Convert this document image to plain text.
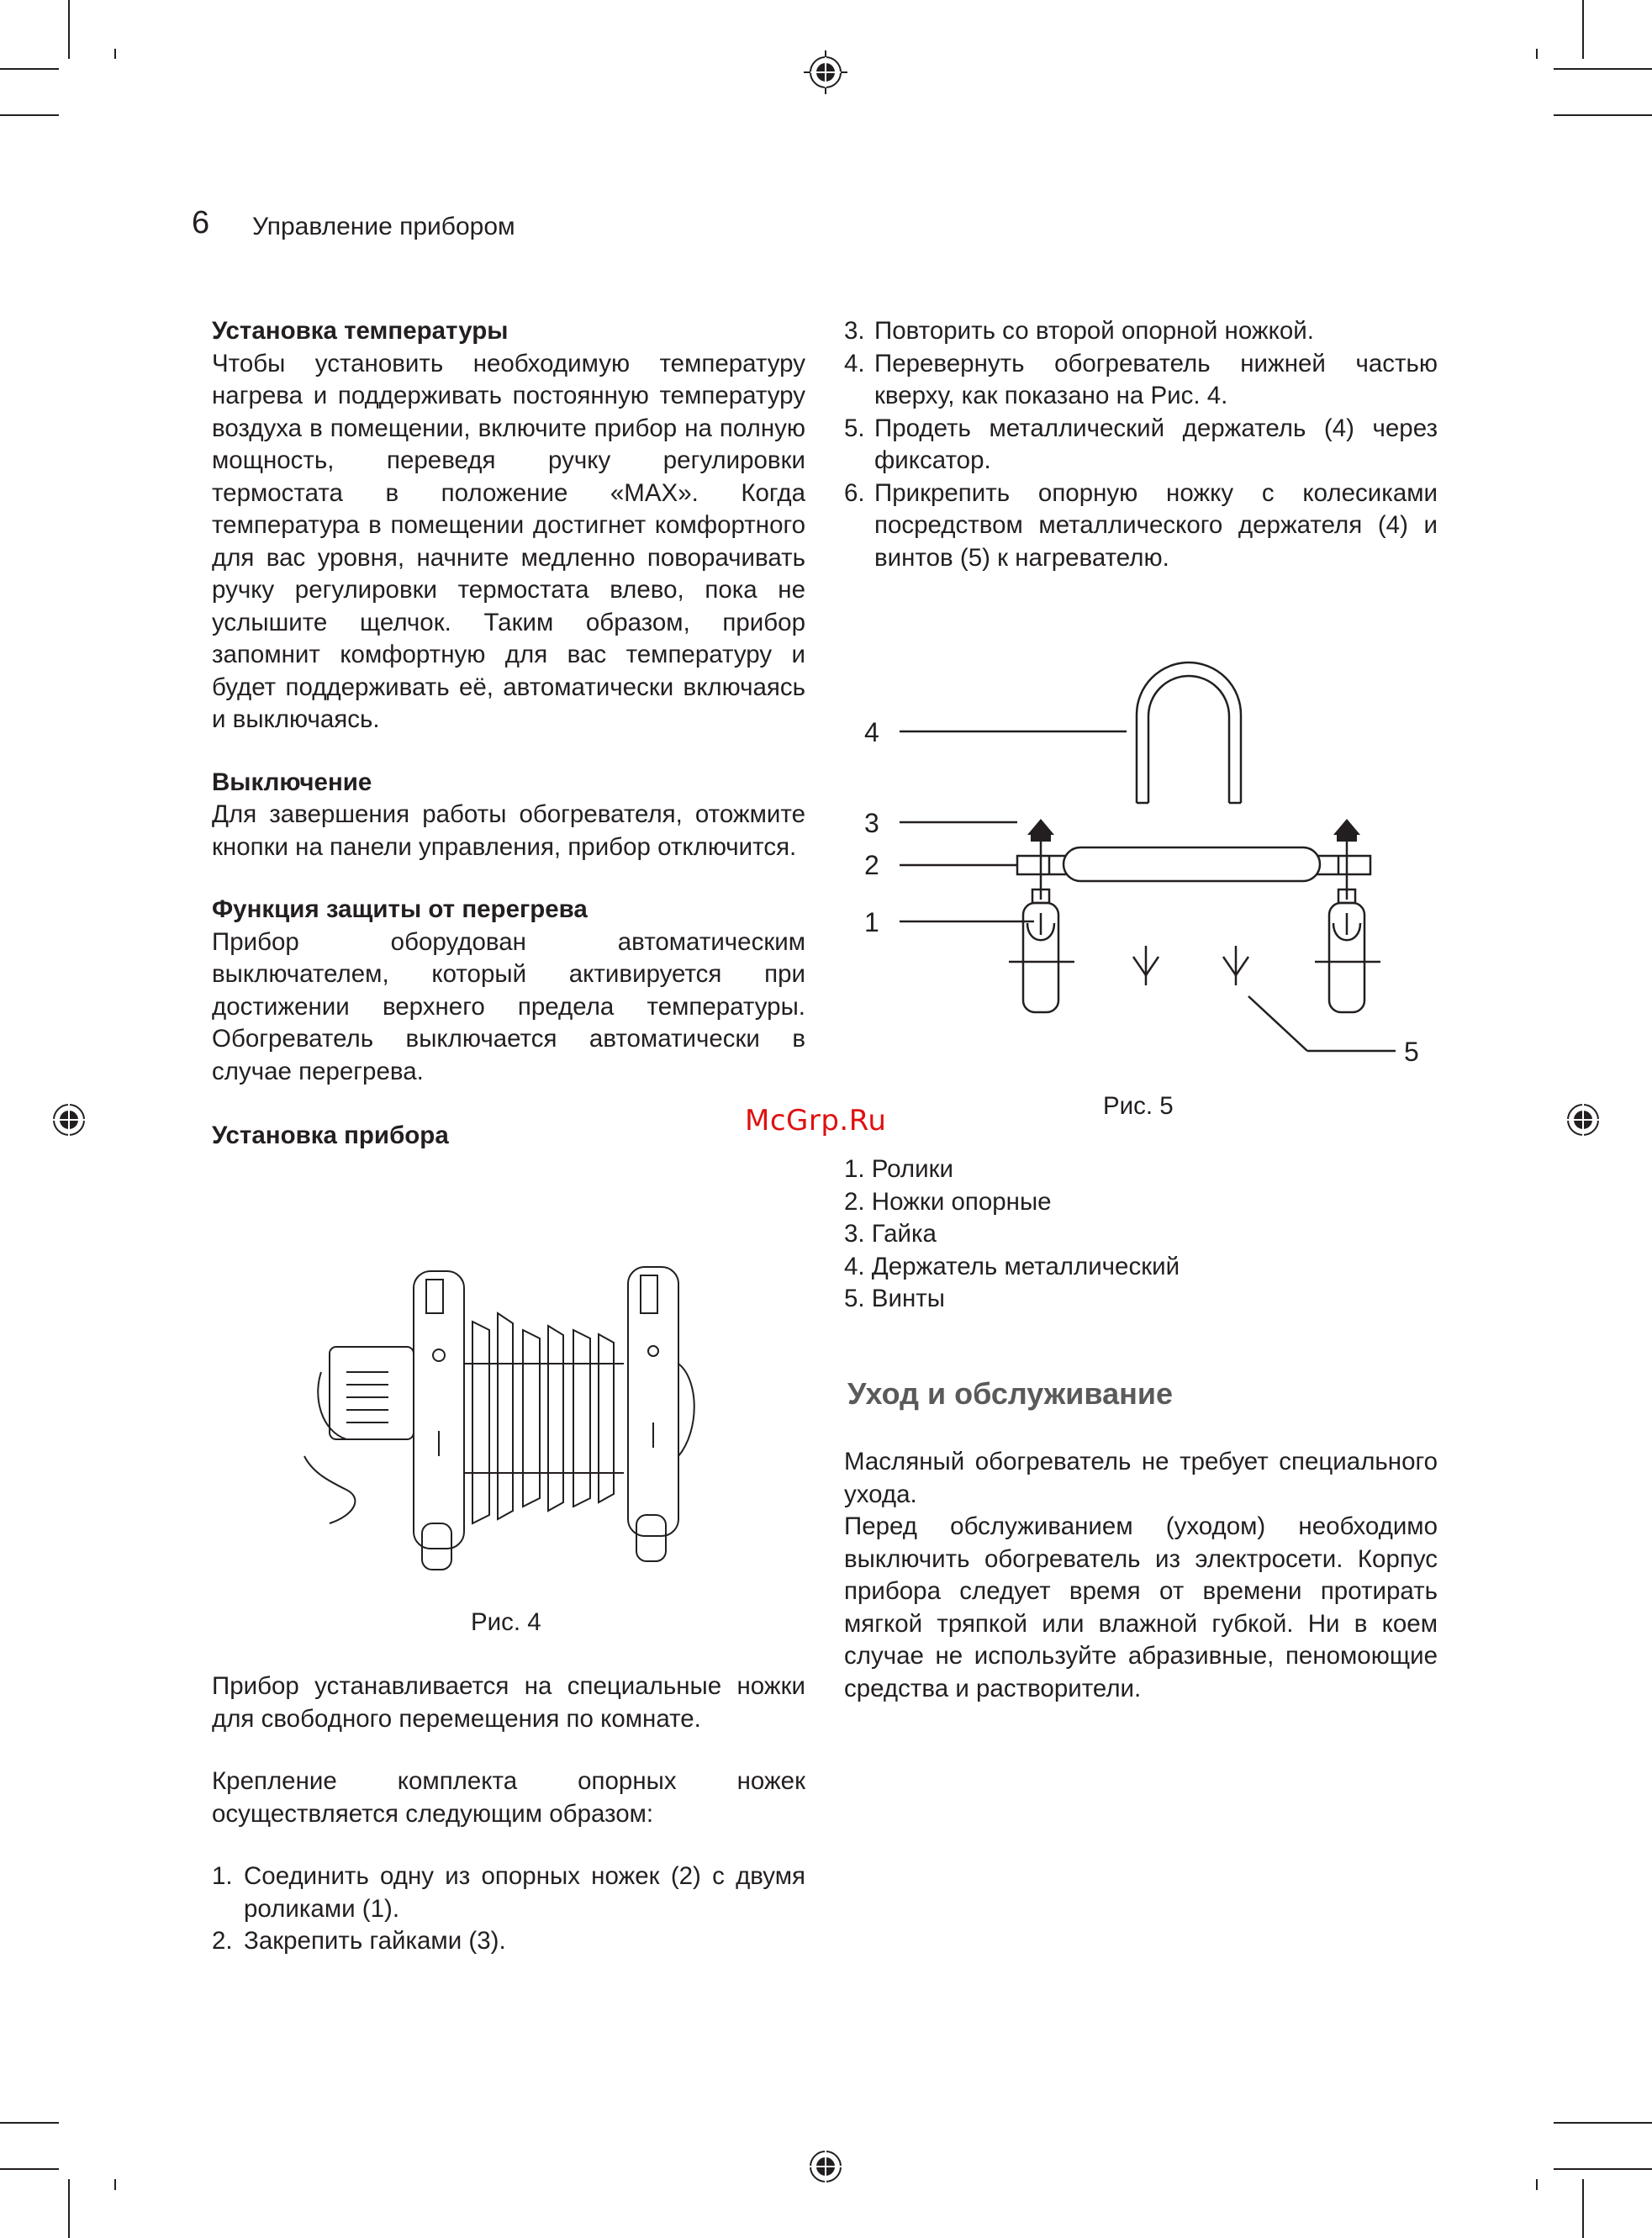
6 Управление прибором

Установка температуры

Чтобы установить необходимую температуру нагрева и поддерживать постоянную температуру воздуха в помещении, включите прибор на полную мощность, переведя ручку регулировки термостата в положение «MAX». Когда температура в помещении достигнет комфортного для вас уровня, начните медленно поворачивать ручку регулировки термостата влево, пока не услышите щелчок. Таким образом, прибор запомнит комфортную для вас температуру и будет поддерживать её, автоматически включаясь и выключаясь.

Выключение

Для завершения работы обогревателя, отожмите кнопки на панели управления, прибор отключится.

Функция защиты от перегрева

Прибор оборудован автоматическим выключателем, который активируется при достижении верхнего предела температуры. Обогреватель выключается автоматически в случае перегрева.

Установка прибора

Рис. 4

Прибор устанавливается на специальные ножки для свободного перемещения по комнате.

Крепление комплекта опорных ножек осуществляется следующим образом:

1. Соединить одну из опорных ножек (2) с двумя роликами (1).
2. Закрепить гайками (3).
3. Повторить со второй опорной ножкой.
4. Перевернуть обогреватель нижней частью кверху, как показано на Рис. 4.
5. Продеть металлический держатель (4) через фиксатор.
6. Прикрепить опорную ножку с колесиками посредством металлического держателя (4) и винтов (5) к нагревателю.
4
3
2
1
5
Рис. 5
1. Ролики
2. Ножки опорные
3. Гайка
4. Держатель металлический
5. Винты
Уход и обслуживание

Масляный обогреватель не требует специального ухода.

Перед обслуживанием (уходом) необходимо выключить обогреватель из электросети. Корпус прибора следует время от времени протирать мягкой тряпкой или влажной губкой. Ни в коем случае не используйте абразивные, пеномоющие средства и растворители.

McGrp.Ru
